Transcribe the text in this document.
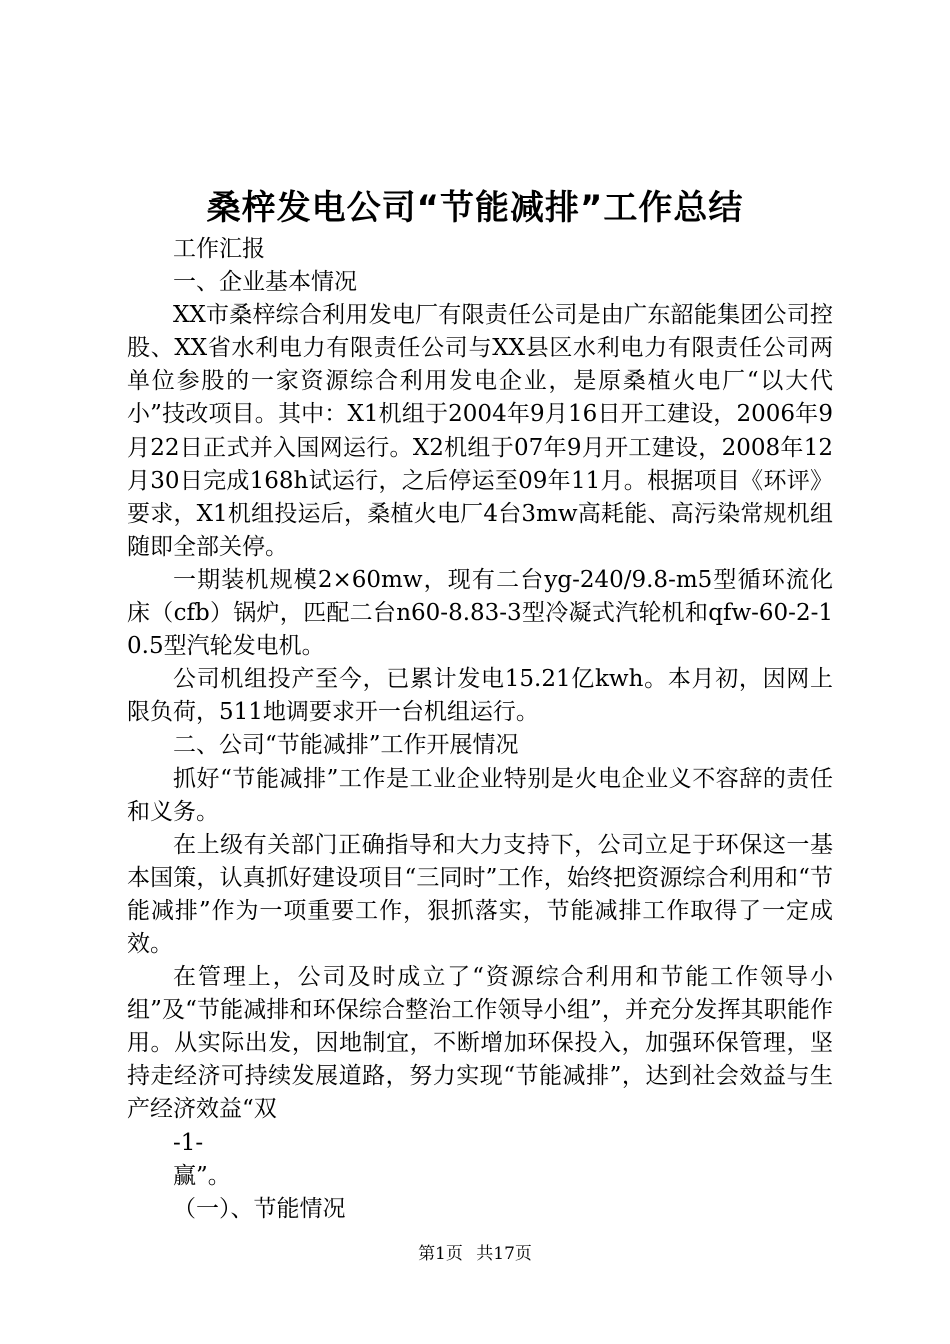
桑梓发电公司“节能减排”工作总结

工作汇报

一、企业基本情况

XX市桑梓综合利用发电厂有限责任公司是由广东韶能集团公司控股、XX省水利电力有限责任公司与XX县区水利电力有限责任公司两单位参股的一家资源综合利用发电企业，是原桑植火电厂“以大代小”技改项目。其中：X1机组于2004年9月16日开工建设，2006年9月22日正式并入国网运行。X2机组于07年9月开工建设，2008年12月30日完成168h试运行，之后停运至09年11月。根据项目《环评》要求，X1机组投运后，桑植火电厂4台3mw高耗能、高污染常规机组随即全部关停。

一期装机规模2×60mw，现有二台yg-240/9.8-m5型循环流化床（cfb）锅炉，匹配二台n60-8.83-3型冷凝式汽轮机和qfw-60-2-10.5型汽轮发电机。

公司机组投产至今，已累计发电15.21亿kwh。本月初，因网上限负荷，511地调要求开一台机组运行。

二、公司“节能减排”工作开展情况

抓好“节能减排”工作是工业企业特别是火电企业义不容辞的责任和义务。

在上级有关部门正确指导和大力支持下，公司立足于环保这一基本国策，认真抓好建设项目“三同时”工作，始终把资源综合利用和“节能减排”作为一项重要工作，狠抓落实，节能减排工作取得了一定成效。

在管理上，公司及时成立了“资源综合利用和节能工作领导小组”及“节能减排和环保综合整治工作领导小组”，并充分发挥其职能作用。从实际出发，因地制宜，不断增加环保投入，加强环保管理，坚持走经济可持续发展道路，努力实现“节能减排”，达到社会效益与生产经济效益“双

-1-

赢”。

（一）、节能情况

第1页 共17页
